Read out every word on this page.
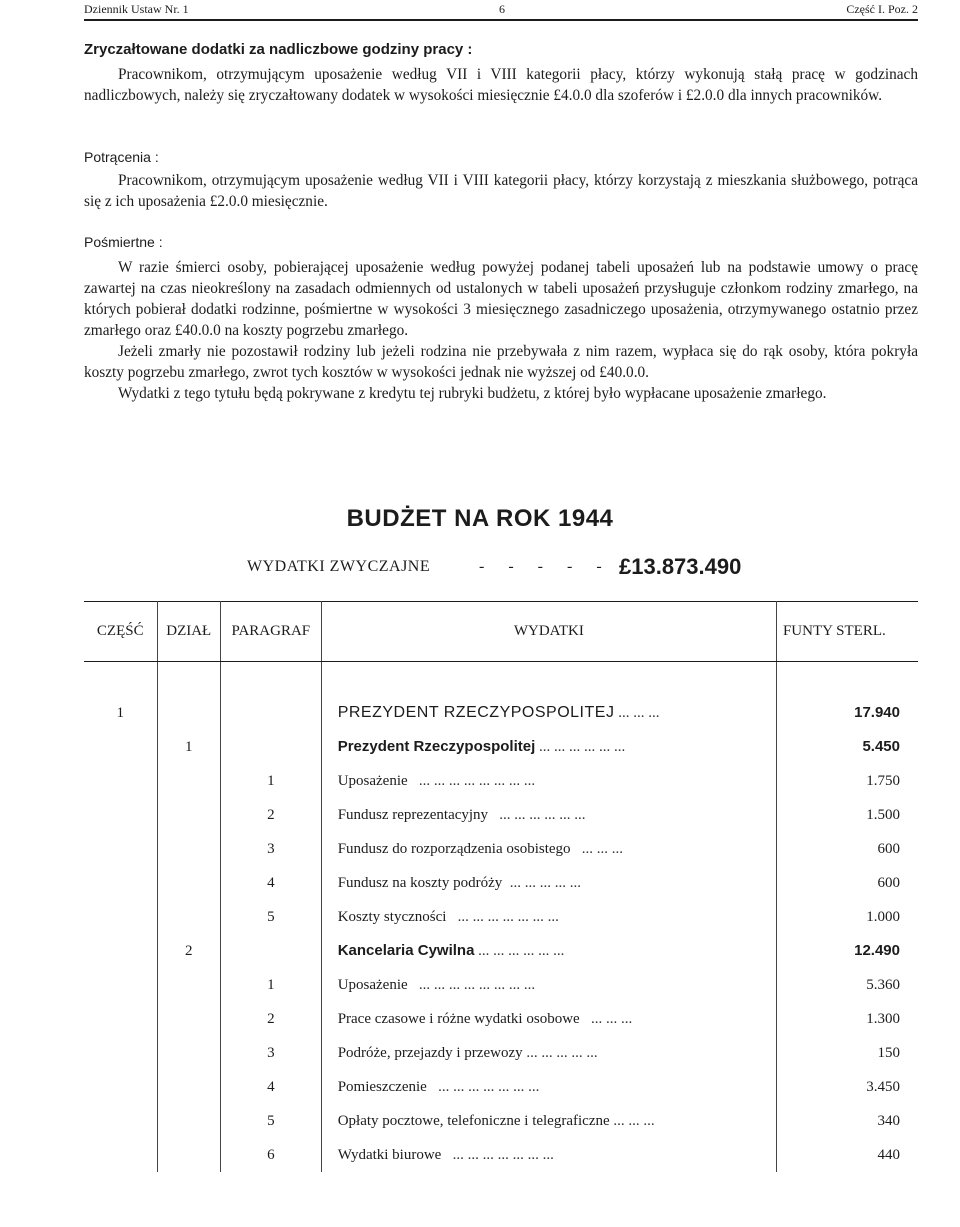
Dziennik Ustaw Nr. 1	6	Część I. Poz. 2
Zryczałtowane dodatki za nadliczbowe godziny pracy :

Pracownikom, otrzymującym uposażenie według VII i VIII kategorii płacy, którzy wykonują stałą pracę w godzinach nadliczbowych, należy się zryczałtowany dodatek w wysokości miesięcznie £4.0.0 dla szoferów i £2.0.0 dla innych pracowników.

Potrącenia :

Pracownikom, otrzymującym uposażenie według VII i VIII kategorii płacy, którzy korzystają z mieszkania służbowego, potrąca się z ich uposażenia £2.0.0 miesięcznie.

Pośmiertne :

W razie śmierci osoby, pobierającej uposażenie według powyżej podanej tabeli uposażeń lub na podstawie umowy o pracę zawartej na czas nieokreślony na zasadach odmiennych od ustalonych w tabeli uposażeń przysługuje członkom rodziny zmarłego, na których pobierał dodatki rodzinne, pośmiertne w wysokości 3 miesięcznego zasadniczego uposażenia, otrzymywanego ostatnio przez zmarłego oraz £40.0.0 na koszty pogrzebu zmarłego.

Jeżeli zmarły nie pozostawił rodziny lub jeżeli rodzina nie przebywała z nim razem, wypłaca się do rąk osoby, która pokryła koszty pogrzebu zmarłego, zwrot tych kosztów w wysokości jednak nie wyższej od £40.0.0.

Wydatki z tego tytułu będą pokrywane z kredytu tej rubryki budżetu, z której było wypłacane uposażenie zmarłego.

BUDŻET NA ROK 1944
WYDATKI ZWYCZAJNE	- - - - - £13.873.490
CZĘŚĆ	DZIAŁ	PARAGRAF	WYDATKI	FUNTY STERL.

1			PREZYDENT RZECZYPOSPOLITEJ ... ... ...	17.940
	1		Prezydent Rzeczypospolitej ... ... ... ... ... ...	5.450
		1	Uposażenie   ... ... ... ... ... ... ... ...	1.750
		2	Fundusz reprezentacyjny   ... ... ... ... ... ...	1.500
		3	Fundusz do rozporządzenia osobistego   ... ... ...	600
		4	Fundusz na koszty podróży  ... ... ... ... ...	600
		5	Koszty styczności   ... ... ... ... ... ... ...	1.000
	2		Kancelaria Cywilna ... ... ... ... ... ...	12.490
		1	Uposażenie   ... ... ... ... ... ... ... ...	5.360
		2	Prace czasowe i różne wydatki osobowe   ... ... ...	1.300
		3	Podróże, przejazdy i przewozy ... ... ... ... ...	150
		4	Pomieszczenie   ... ... ... ... ... ... ...	3.450
		5	Opłaty pocztowe, telefoniczne i telegraficzne ... ... ...	340
		6	Wydatki biurowe   ... ... ... ... ... ... ...	440
